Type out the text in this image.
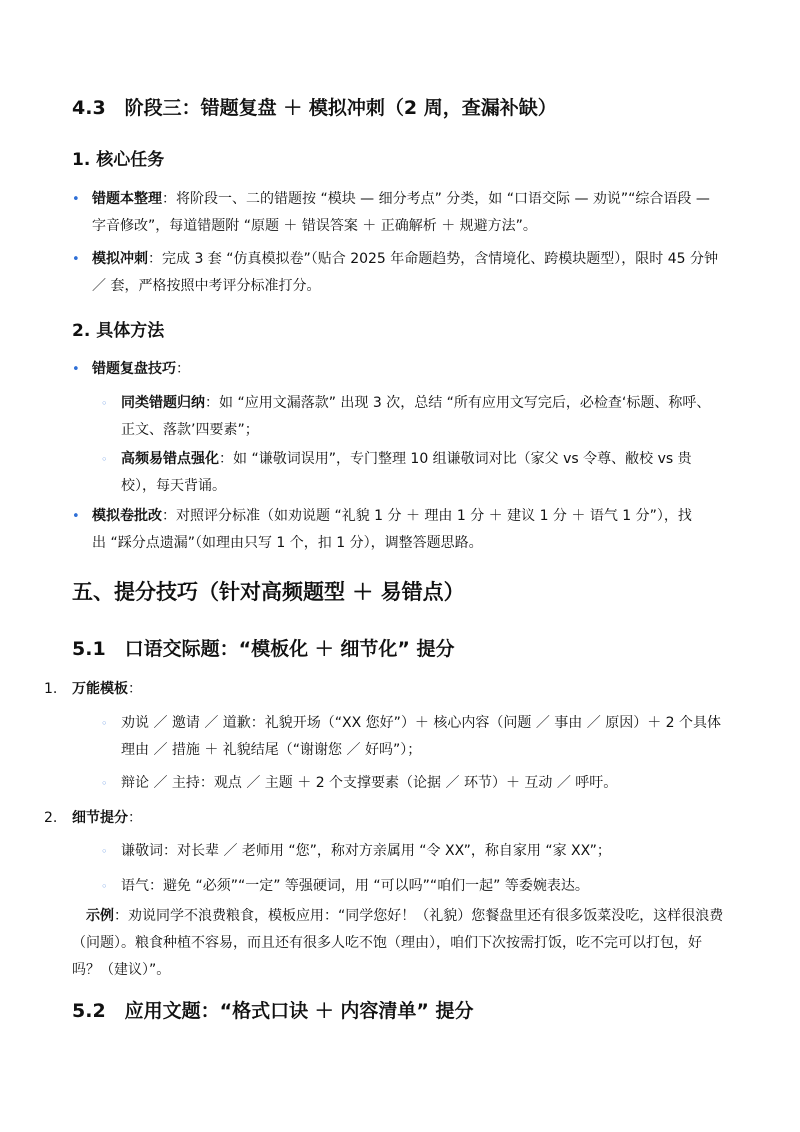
4.3　阶段三：错题复盘 ＋ 模拟冲刺（2 周，查漏补缺）
1. 核心任务
• 错题本整理：将阶段一、二的错题按 “模块 — 细分考点” 分类，如 “口语交际 — 劝说”“综合语段 — 字音修改”，每道错题附 “原题 ＋ 错误答案 ＋ 正确解析 ＋ 规避方法”。
• 模拟冲刺：完成 3 套 “仿真模拟卷”（贴合 2025 年命题趋势，含情境化、跨模块题型），限时 45 分钟 ／ 套，严格按照中考评分标准打分。
2. 具体方法
• 错题复盘技巧：
◦ 同类错题归纳：如 “应用文漏落款” 出现 3 次，总结 “所有应用文写完后，必检查‘标题、称呼、正文、落款’四要素”；
◦ 高频易错点强化：如 “谦敬词误用”，专门整理 10 组谦敬词对比（家父 vs 令尊、敝校 vs 贵校），每天背诵。
• 模拟卷批改：对照评分标准（如劝说题 “礼貌 1 分 ＋ 理由 1 分 ＋ 建议 1 分 ＋ 语气 1 分”），找出 “踩分点遗漏”（如理由只写 1 个，扣 1 分），调整答题思路。
五、提分技巧（针对高频题型 ＋ 易错点）
5.1　口语交际题：“模板化 ＋ 细节化” 提分
1. 万能模板：
◦ 劝说 ／ 邀请 ／ 道歉：礼貌开场（“XX 您好”）＋ 核心内容（问题 ／ 事由 ／ 原因）＋ 2 个具体理由 ／ 措施 ＋ 礼貌结尾（“谢谢您 ／ 好吗”）；
◦ 辩论 ／ 主持：观点 ／ 主题 ＋ 2 个支撑要素（论据 ／ 环节）＋ 互动 ／ 呼吁。
2. 细节提分：
◦ 谦敬词：对长辈 ／ 老师用 “您”，称对方亲属用 “令 XX”，称自家用 “家 XX”；
◦ 语气：避免 “必须”“一定” 等强硬词，用 “可以吗”“咱们一起” 等委婉表达。
示例：劝说同学不浪费粮食，模板应用：“同学您好！（礼貌）您餐盘里还有很多饭菜没吃，这样很浪费（问题）。粮食种植不容易，而且还有很多人吃不饱（理由），咱们下次按需打饭，吃不完可以打包，好吗？（建议）”。
5.2　应用文题：“格式口诀 ＋ 内容清单” 提分
